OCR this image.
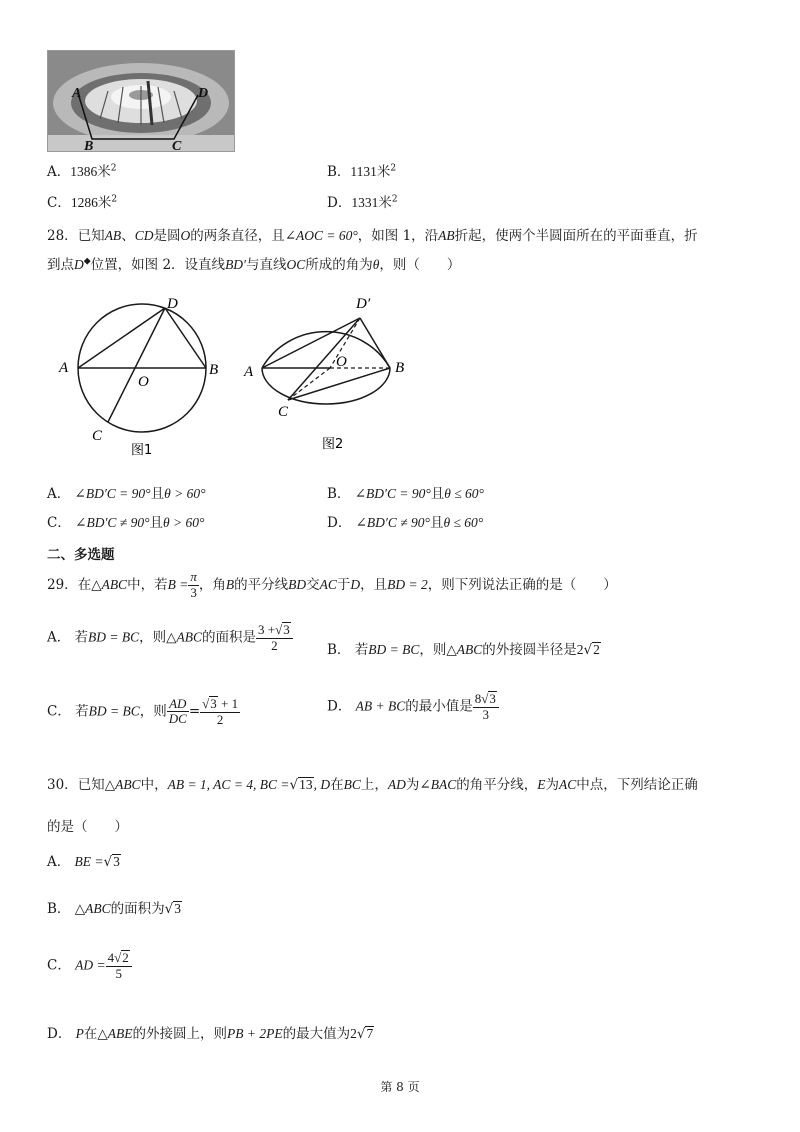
A	D
B	C
A．1386米$^2$	B．1131米$^2$
C．1286米$^2$	D．1331米$^2$
28．已知AB、CD是圆O的两条直径，且∠AOC = 60°，如图 1，沿AB折起，使两个半圆面所在的平面垂直，折
到点D◆位置，如图 2．设直线BD′与直线OC所成的角为θ，则（　　）
A	B
D
C
O
图1
A	B
D′
C
O
图2
A． ∠BD′C = 90°且θ > 60°	B． ∠BD′C = 90°且θ ≤ 60°
C． ∠BD′C ≠ 90°且θ > 60°	D． ∠BD′C ≠ 90°且θ ≤ 60°
二、多选题
29．在△ABC中，若$B = \frac{\pi}{3}$ ，角B的平分线BD交AC于D，且BD = 2，则下列说法正确的是（　　）
A． 若BD = BC，则△ABC的面积是 $\frac{3 +√3}{2}$	B． 若BD = BC，则△ABC的外接圆半径是2√2
C． 若BD = BC，则 $\frac{AD}{DC} = \frac{√3 + 1}{2}$	D． AB + BC的最小值是 $\frac{8√3}{3}$
30．已知△ABC中，AB = 1, AC = 4, BC =√13, D在BC上，AD为∠BAC的角平分线，E为AC中点，下列结论正确
的是（　　）
A． BE =√3
B． △ABC的面积为√3
C． AD = $\frac{4√2}{5}$
D． P在△ABE的外接圆上，则PB + 2PE的最大值为2√7
第 8 页
